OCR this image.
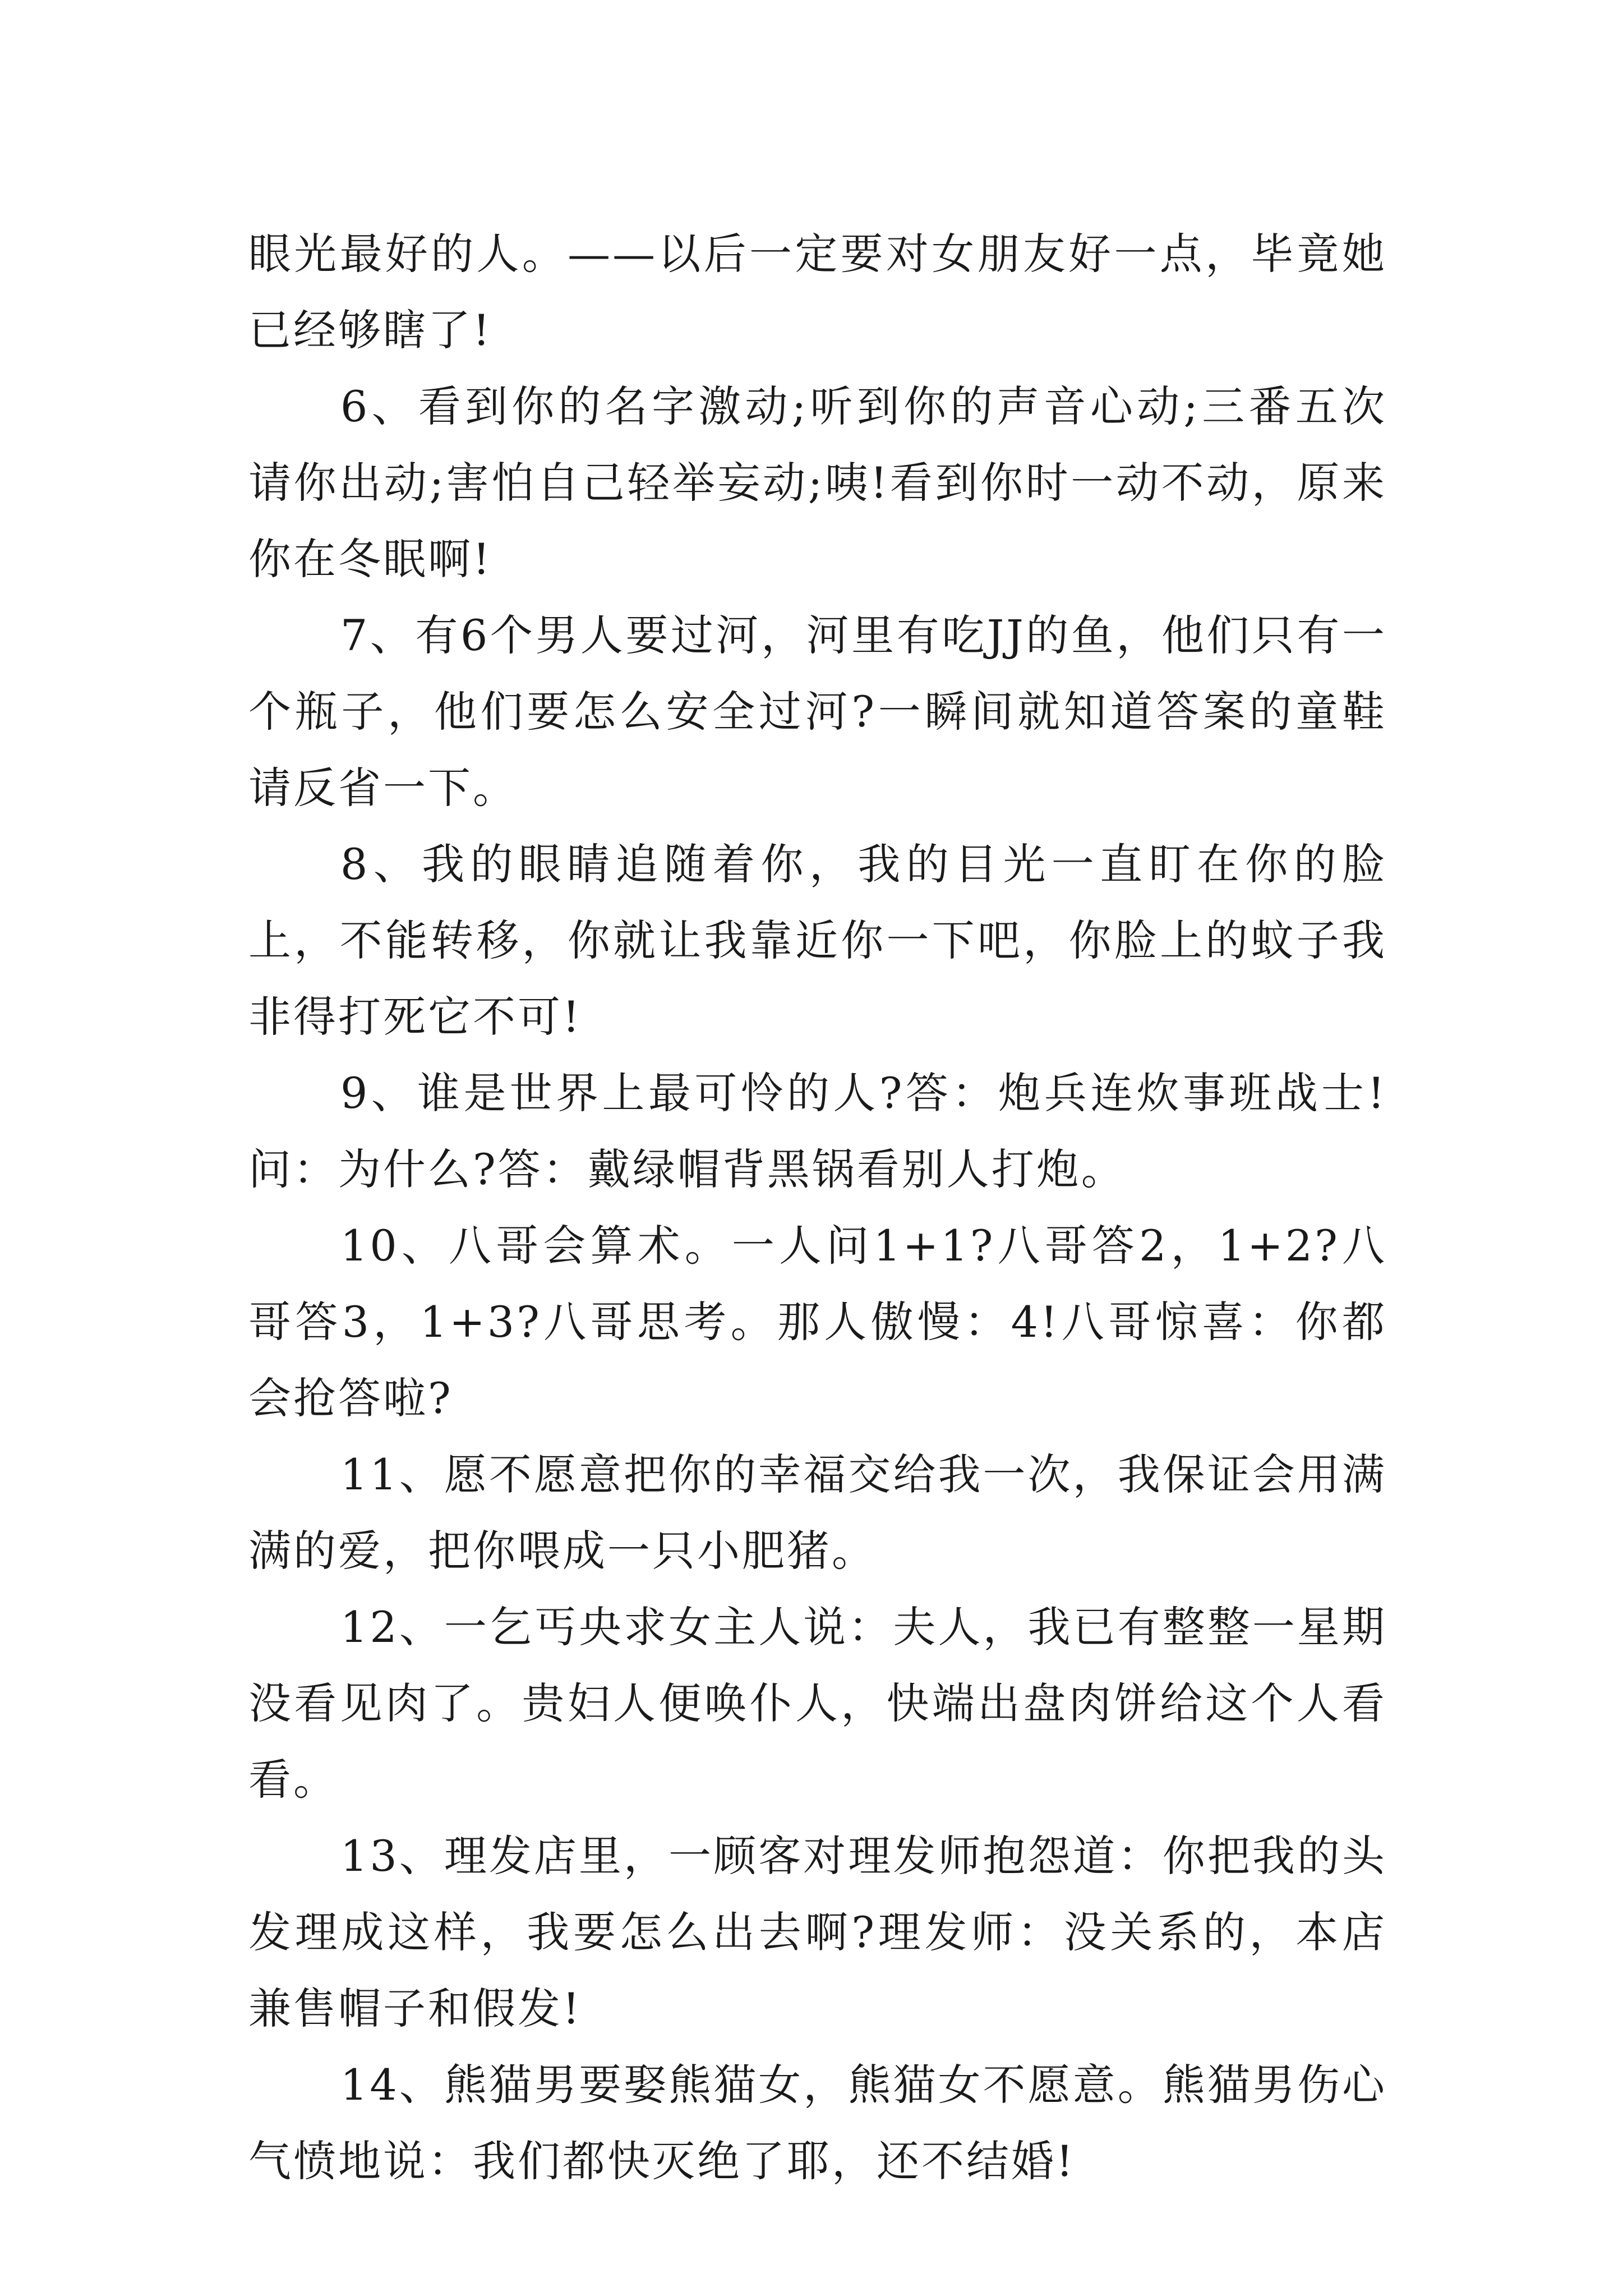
眼光最好的人。——以后一定要对女朋友好一点，毕竟她已经够瞎了!

6、看到你的名字激动;听到你的声音心动;三番五次请你出动;害怕自己轻举妄动;咦!看到你时一动不动，原来你在冬眠啊!

7、有6个男人要过河，河里有吃JJ的鱼，他们只有一个瓶子，他们要怎么安全过河?一瞬间就知道答案的童鞋请反省一下。

8、我的眼睛追随着你，我的目光一直盯在你的脸上，不能转移，你就让我靠近你一下吧，你脸上的蚊子我非得打死它不可!

9、谁是世界上最可怜的人?答：炮兵连炊事班战士!问：为什么?答：戴绿帽背黑锅看别人打炮。

10、八哥会算术。一人问1+1?八哥答2，1+2?八哥答3，1+3?八哥思考。那人傲慢：4!八哥惊喜：你都会抢答啦?

11、愿不愿意把你的幸福交给我一次，我保证会用满满的爱，把你喂成一只小肥猪。

12、一乞丐央求女主人说：夫人，我已有整整一星期没看见肉了。贵妇人便唤仆人，快端出盘肉饼给这个人看看。

13、理发店里，一顾客对理发师抱怨道：你把我的头发理成这样，我要怎么出去啊?理发师：没关系的，本店兼售帽子和假发!

14、熊猫男要娶熊猫女，熊猫女不愿意。熊猫男伤心气愤地说：我们都快灭绝了耶，还不结婚!
